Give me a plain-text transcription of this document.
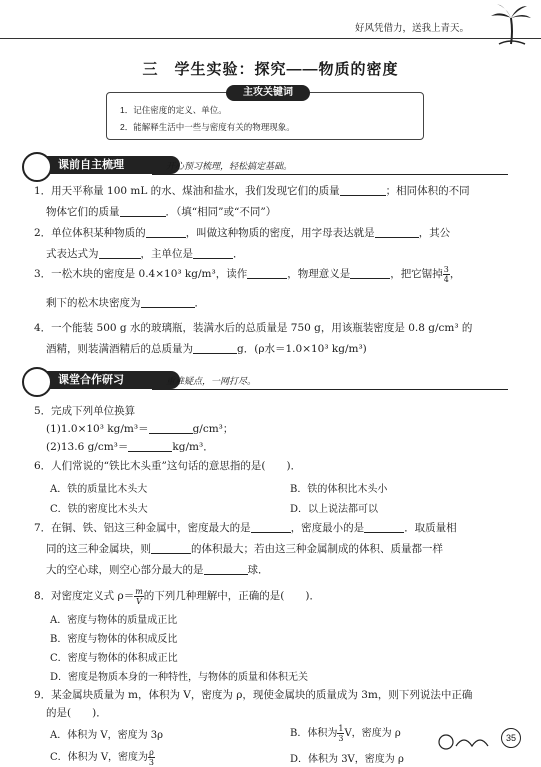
好风凭借力，送我上青天。
三　学生实验：探究——物质的密度
主攻关键词
1．记住密度的定义、单位。
2．能解释生活中一些与密度有关的物理现象。
课前自主梳理	开心预习梳理，轻松搞定基础。
1．用天平称量 100 mL 的水、煤油和盐水，我们发现它们的质量	；相同体积的不同
物体它们的质量	．（填“相同”或“不同”）
2．单位体积某种物质的	，叫做这种物质的密度，用字母表达就是	，其公
式表达式为	，主单位是	．
3．一松木块的密度是 0.4×10³ kg/m³，读作	，物理意义是	，把它锯掉 $\frac{3}{4}$ ，
剩下的松木块密度为	．
4．一个能装 500 g 水的玻璃瓶，装满水后的总质量是 750 g，用该瓶装密度是 0.8 g/cm³ 的
酒精，则装满酒精后的总质量为	g．(ρ水＝1.0×10³ kg/m³)
课堂合作研习	重难疑点，一网打尽。
5．完成下列单位换算
(1)1.0×10³ kg/m³＝	g/cm³；
(2)13.6 g/cm³＝	kg/m³．
6．人们常说的“铁比木头重”这句话的意思指的是(　　)．
A．铁的质量比木头大	B．铁的体积比木头小
C．铁的密度比木头大	D．以上说法都可以
7．在铜、铁、铝这三种金属中，密度最大的是	，密度最小的是	．取质量相
同的这三种金属块，则	的体积最大；若由这三种金属制成的体积、质量都一样
大的空心球，则空心部分最大的是	球．
8．对密度定义式 $\rho= \frac{m}{V}$ 的下列几种理解中，正确的是(　　)．
A．密度与物体的质量成正比
B．密度与物体的体积成反比
C．密度与物体的体积成正比
D．密度是物质本身的一种特性，与物体的质量和体积无关
9．某金属块质量为 m，体积为 V，密度为 ρ，现使金属块的质量成为 3m，则下列说法中正确
的是(　　)．
A．体积为 V，密度为 3ρ	B．体积为 $\frac{1}{3}$ V，密度为 ρ
C．体积为 V，密度为 $\frac{\rho}{3}$	D．体积为 3V，密度为 ρ
35
